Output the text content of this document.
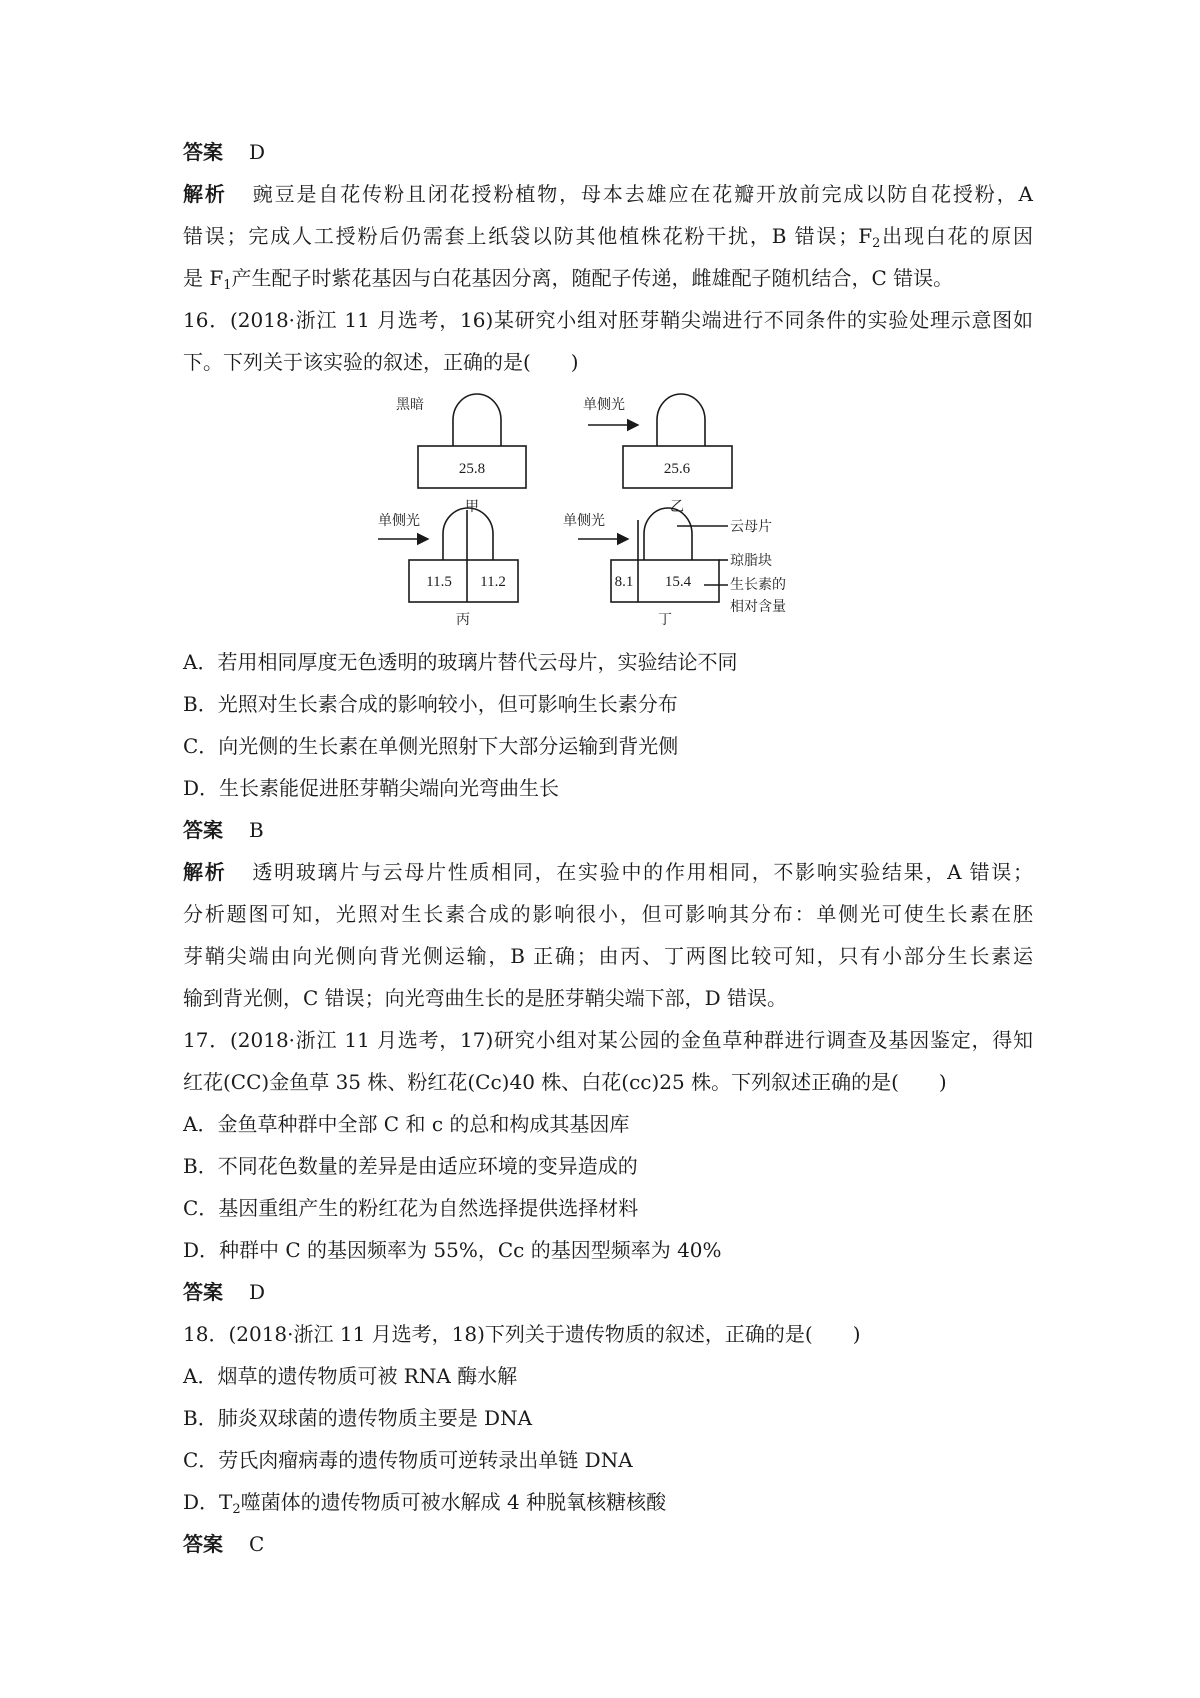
答案 D
解析 豌豆是自花传粉且闭花授粉植物，母本去雄应在花瓣开放前完成以防自花授粉，A
错误；完成人工授粉后仍需套上纸袋以防其他植株花粉干扰，B 错误；$F_2$出现白花的原因
是 $F_1$产生配子时紫花基因与白花基因分离，随配子传递，雌雄配子随机结合，C 错误。
16．(2018·浙江 11 月选考，16)某研究小组对胚芽鞘尖端进行不同条件的实验处理示意图如
下。下列关于该实验的叙述，正确的是(　　)
黑暗
25.8
甲
单侧光
25.6
乙
单侧光
11.5 11.2
丙
单侧光
8.1 15.4
丁
云母片
琼脂块
生长素的
相对含量
A．若用相同厚度无色透明的玻璃片替代云母片，实验结论不同
B．光照对生长素合成的影响较小，但可影响生长素分布
C．向光侧的生长素在单侧光照射下大部分运输到背光侧
D．生长素能促进胚芽鞘尖端向光弯曲生长
答案 B
解析 透明玻璃片与云母片性质相同，在实验中的作用相同，不影响实验结果，A 错误；
分析题图可知，光照对生长素合成的影响很小，但可影响其分布：单侧光可使生长素在胚
芽鞘尖端由向光侧向背光侧运输，B 正确；由丙、丁两图比较可知，只有小部分生长素运
输到背光侧，C 错误；向光弯曲生长的是胚芽鞘尖端下部，D 错误。
17．(2018·浙江 11 月选考，17)研究小组对某公园的金鱼草种群进行调查及基因鉴定，得知
红花(CC)金鱼草 35 株、粉红花(Cc)40 株、白花(cc)25 株。下列叙述正确的是(　　)
A．金鱼草种群中全部 C 和 c 的总和构成其基因库
B．不同花色数量的差异是由适应环境的变异造成的
C．基因重组产生的粉红花为自然选择提供选择材料
D．种群中 C 的基因频率为 55%，Cc 的基因型频率为 40%
答案 D
18．(2018·浙江 11 月选考，18)下列关于遗传物质的叙述，正确的是(　　)
A．烟草的遗传物质可被 RNA 酶水解
B．肺炎双球菌的遗传物质主要是 DNA
C．劳氏肉瘤病毒的遗传物质可逆转录出单链 DNA
D．$T_2$噬菌体的遗传物质可被水解成 4 种脱氧核糖核酸
答案 C
